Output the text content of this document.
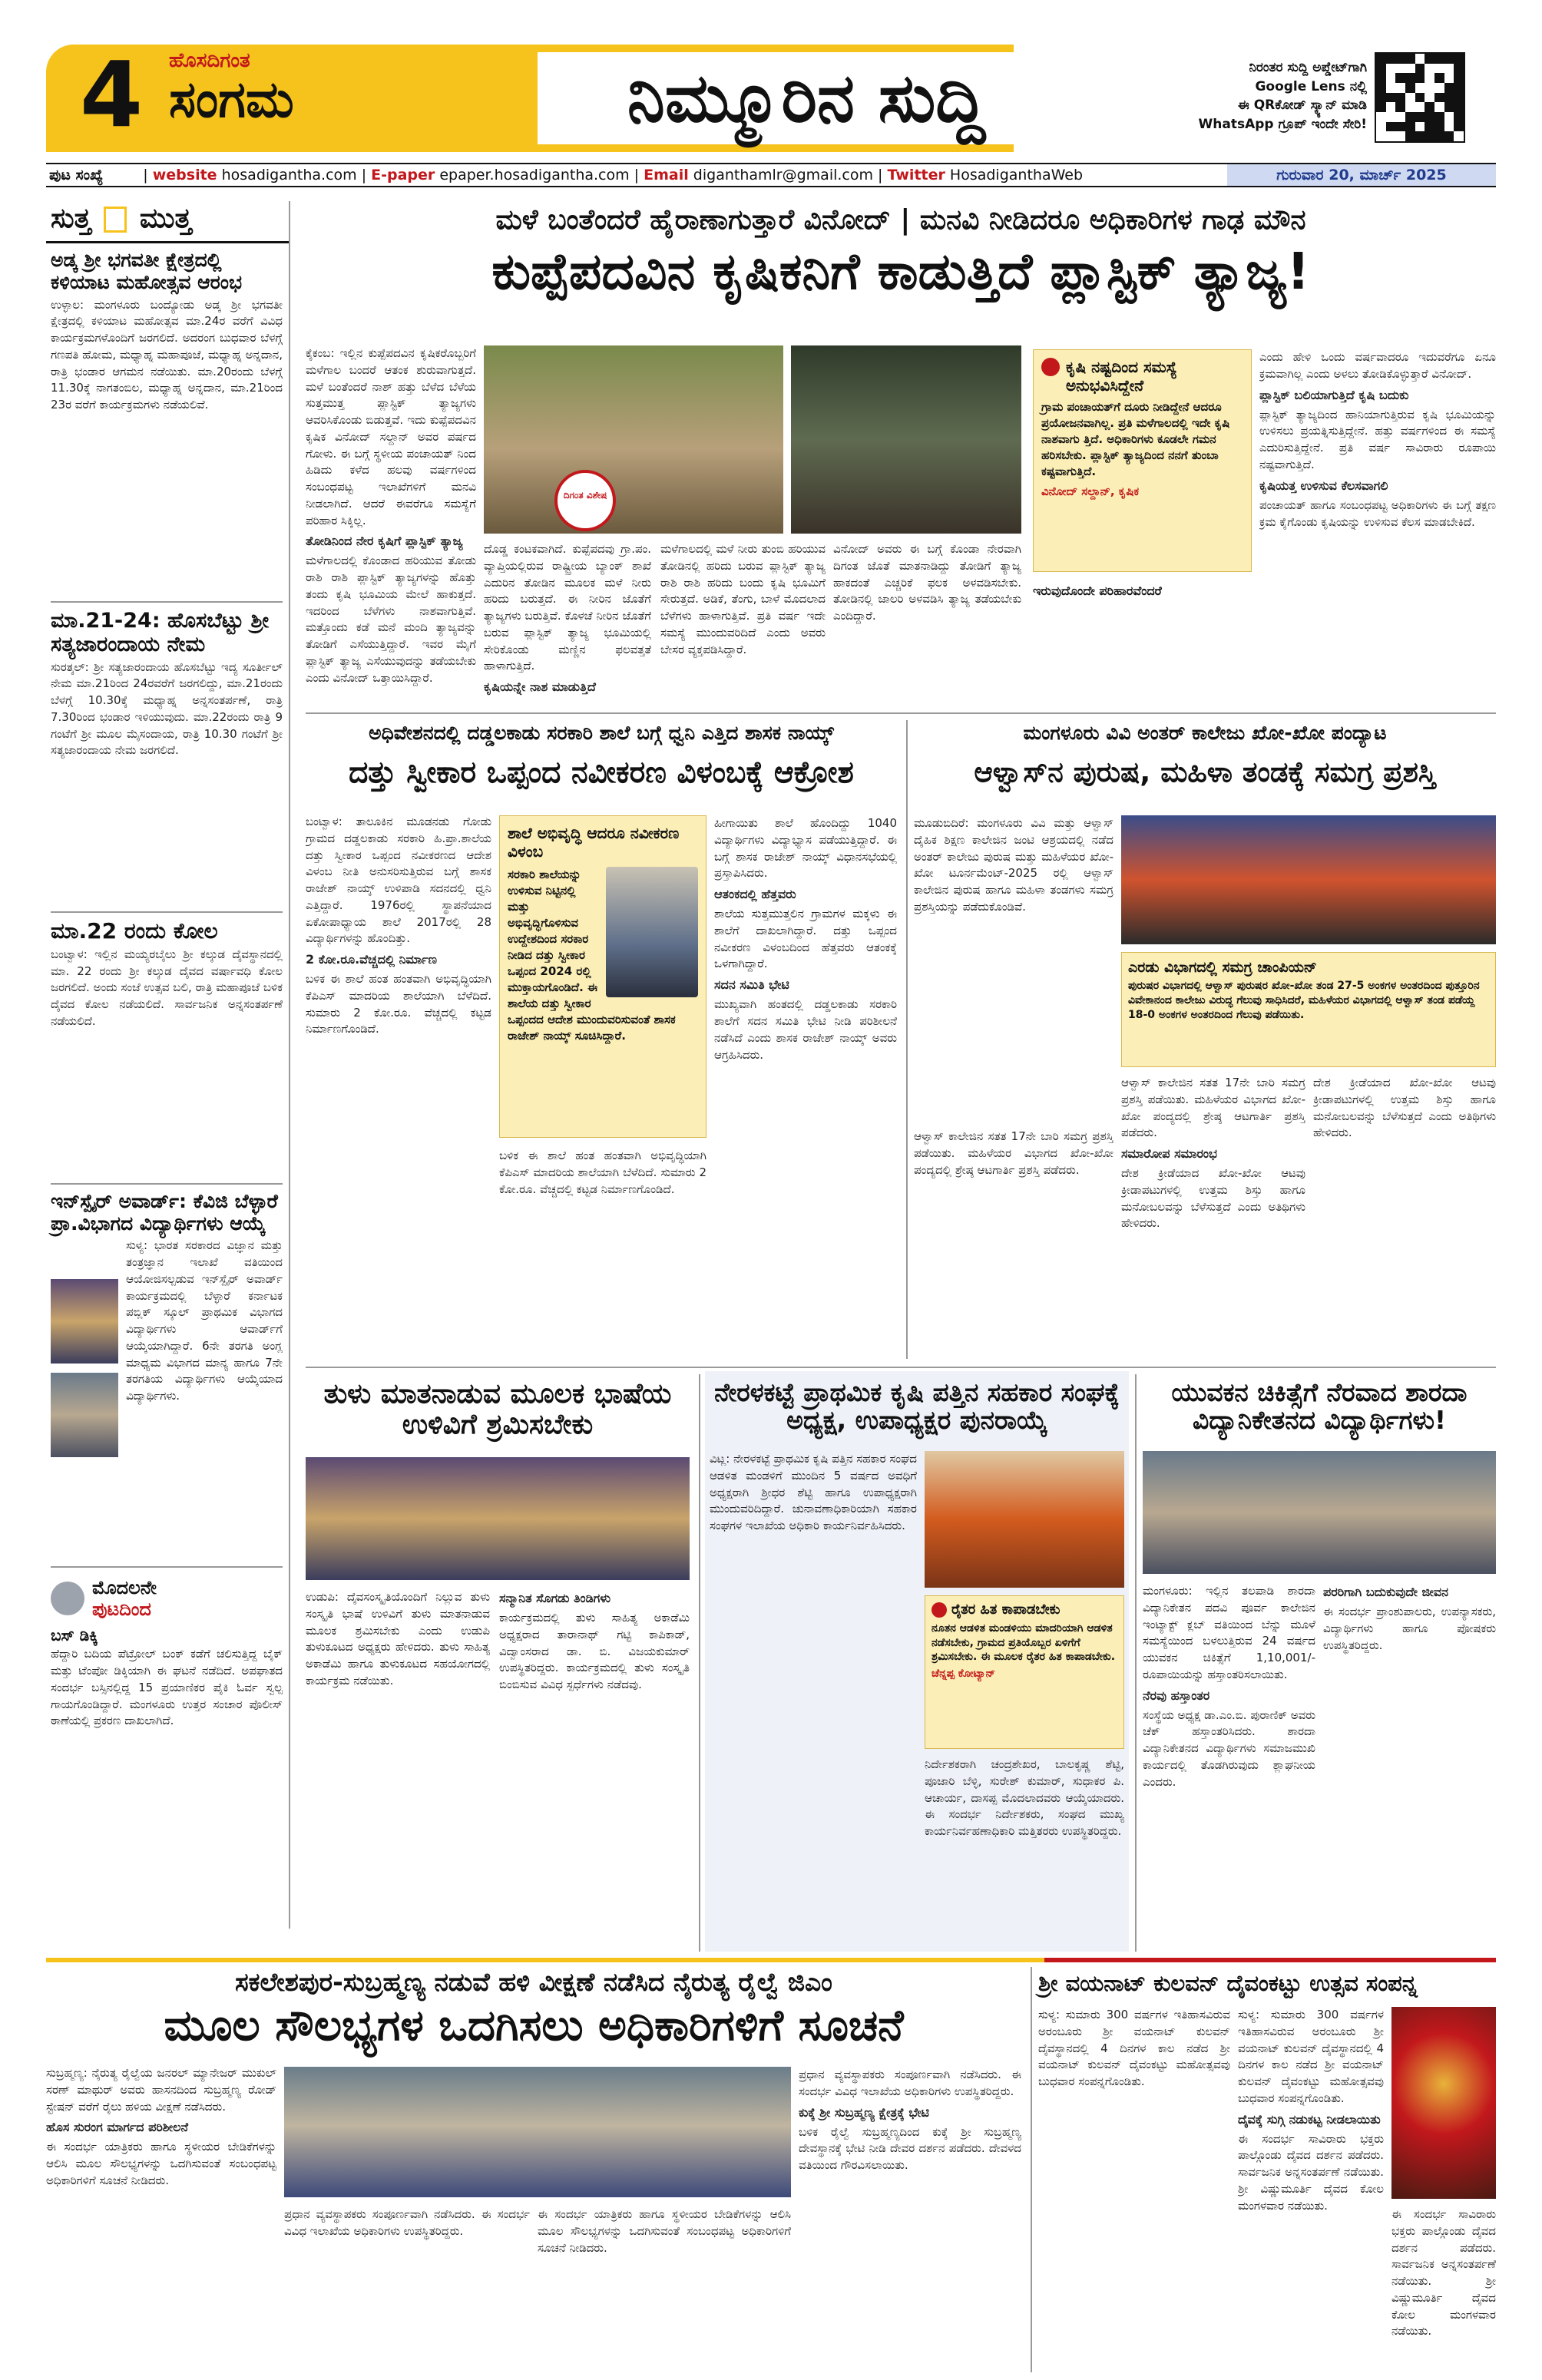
4 ಹೊಸದಿಗಂತ
ಸಂಗಮ	ನಿಮ್ಮೂರಿನ ಸುದ್ದಿ	ನಿರಂತರ ಸುದ್ದಿ ಅಪ್ಡೇಟ್‌ಗಾಗಿ
Google Lens ನಲ್ಲಿ
ಈ QRಕೋಡ್ ಸ್ಕ್ಯಾನ್ ಮಾಡಿ
WhatsApp ಗ್ರೂಪ್ ಇಂದೇ ಸೇರಿ!
ಪುಟ ಸಂಖ್ಯೆ	| website hosadigantha.com | E-paper epaper.hosadigantha.com | Email diganthamlr@gmail.com | Twitter HosadiganthaWeb	ಗುರುವಾರ 20, ಮಾರ್ಚ್ 2025
ಸುತ್ತ ಮುತ್ತ
ಅಡ್ಕ ಶ್ರೀ ಭಗವತೀ ಕ್ಷೇತ್ರದಲ್ಲಿ ಕಳಿಯಾಟ ಮಹೋತ್ಸವ ಆರಂಭ
ಉಳ್ಳಾಲ: ಮಂಗಳೂರು ಬಂದ್ಯೋಡು ಅಡ್ಕ ಶ್ರೀ ಭಗವತೀ ಕ್ಷೇತ್ರದಲ್ಲಿ ಕಳಿಯಾಟ ಮಹೋತ್ಸವ ಮಾ.24ರ ವರೆಗೆ ವಿವಿಧ ಕಾರ್ಯಕ್ರಮಗಳೊಂದಿಗೆ ಜರಗಲಿದೆ. ಅದರಂಗ ಬುಧವಾರ ಬೆಳಗ್ಗೆ ಗಣಪತಿ ಹೋಮ, ಮಧ್ಯಾಹ್ನ ಮಹಾಪೂಜೆ, ಮಧ್ಯಾಹ್ನ ಅನ್ನದಾನ, ರಾತ್ರಿ ಭಂಡಾರ ಆಗಮನ ನಡೆಯಿತು. ಮಾ.20ರಂದು ಬೆಳಗ್ಗೆ 11.30ಕ್ಕೆ ನಾಗತಂಬಿಲ, ಮಧ್ಯಾಹ್ನ ಅನ್ನದಾನ, ಮಾ.21ರಿಂದ 23ರ ವರೆಗೆ ಕಾರ್ಯಕ್ರಮಗಳು ನಡೆಯಲಿವೆ.
ಮಾ.21-24: ಹೊಸಬೆಟ್ಟು ಶ್ರೀ ಸತ್ಯಜಾರಂದಾಯ ನೇಮ
ಸುರತ್ಕಲ್: ಶ್ರೀ ಸತ್ಯಜಾರಂದಾಯ ಹೊಸಬೆಟ್ಟು ಇದ್ಯ ಸೂರ್ತೀಲ್ ನೇಮ ಮಾ.21ರಿಂದ 24ರವರೆಗೆ ಜರಗಲಿದ್ದು, ಮಾ.21ರಂದು ಬೆಳಗ್ಗೆ 10.30ಕ್ಕೆ ಮಧ್ಯಾಹ್ನ ಅನ್ನಸಂತರ್ಪಣೆ, ರಾತ್ರಿ 7.30ರಿಂದ ಭಂಡಾರ ಇಳಿಯುವುದು. ಮಾ.22ರಂದು ರಾತ್ರಿ 9 ಗಂಟೆಗೆ ಶ್ರೀ ಮೂಲ ಮೈಸಂದಾಯ, ರಾತ್ರಿ 10.30 ಗಂಟೆಗೆ ಶ್ರೀ ಸತ್ಯಜಾರಂದಾಯ ನೇಮ ಜರಗಲಿದೆ.
ಮಾ.22 ರಂದು ಕೋಲ
ಬಂಟ್ವಾಳ: ಇಲ್ಲಿನ ಮಯ್ಯರಬೈಲು ಶ್ರೀ ಕಲ್ಕುಡ ದೈವಸ್ಥಾನದಲ್ಲಿ ಮಾ. 22 ರಂದು ಶ್ರೀ ಕಲ್ಕುಡ ದೈವದ ವರ್ಷಾವಧಿ ಕೋಲ ಜರಗಲಿದೆ. ಅಂದು ಸಂಜೆ ಉತ್ಸವ ಬಲಿ, ರಾತ್ರಿ ಮಹಾಪೂಜೆ ಬಳಿಕ ದೈವದ ಕೋಲ ನಡೆಯಲಿದೆ. ಸಾರ್ವಜನಿಕ ಅನ್ನಸಂತರ್ಪಣೆ ನಡೆಯಲಿದೆ.
ಇನ್‌ಸ್ಪೈರ್ ಅವಾರ್ಡ್: ಕೆವಿಜಿ ಬೆಳ್ಳಾರೆ ಪ್ರಾ.ವಿಭಾಗದ ವಿದ್ಯಾರ್ಥಿಗಳು ಆಯ್ಕೆ
ಸುಳ್ಯ: ಭಾರತ ಸರಕಾರದ ವಿಜ್ಞಾನ ಮತ್ತು ತಂತ್ರಜ್ಞಾನ ಇಲಾಖೆ ವತಿಯಿಂದ ಆಯೋಜಿಸಲ್ಪಡುವ ಇನ್‌ಸ್ಪೈರ್ ಅವಾರ್ಡ್ ಕಾರ್ಯಕ್ರಮದಲ್ಲಿ ಬೆಳ್ಳಾರೆ ಕರ್ನಾಟಕ ಪಬ್ಲಿಕ್ ಸ್ಕೂಲ್ ಪ್ರಾಥಮಿಕ ವಿಭಾಗದ ವಿದ್ಯಾರ್ಥಿಗಳು ಆವಾರ್ಡ್‌ಗೆ ಆಯ್ಕೆಯಾಗಿದ್ದಾರೆ. 6ನೇ ತರಗತಿ ಅಂಗ್ಲ ಮಾಧ್ಯಮ ವಿಭಾಗದ ಮಾನ್ಯ ಹಾಗೂ 7ನೇ ತರಗತಿಯ ವಿದ್ಯಾರ್ಥಿಗಳು ಆಯ್ಕೆಯಾದ ವಿದ್ಯಾರ್ಥಿಗಳು.
ಮೊದಲನೇ
ಪುಟದಿಂದ
ಬಸ್ ಡಿಕ್ಕಿ
ಹೆದ್ದಾರಿ ಬದಿಯ ಪೆಟ್ರೋಲ್ ಬಂಕ್ ಕಡೆಗೆ ಚಲಿಸುತ್ತಿದ್ದ ಬೈಕ್ ಮತ್ತು ಟೆಂಪೋ ಡಿಕ್ಕಿಯಾಗಿ ಈ ಘಟನೆ ನಡೆದಿದೆ. ಅಪಘಾತದ ಸಂದರ್ಭ ಬಸ್ಸಿನಲ್ಲಿದ್ದ 15 ಪ್ರಯಾಣಿಕರ ಪೈಕಿ ಓರ್ವ ಸ್ವಲ್ಪ ಗಾಯಗೊಂಡಿದ್ದಾರೆ. ಮಂಗಳೂರು ಉತ್ತರ ಸಂಚಾರ ಪೊಲೀಸ್ ಠಾಣೆಯಲ್ಲಿ ಪ್ರಕರಣ ದಾಖಲಾಗಿದೆ.
ಮಳೆ ಬಂತೆಂದರೆ ಹೈರಾಣಾಗುತ್ತಾರೆ ವಿನೋದ್ | ಮನವಿ ನೀಡಿದರೂ ಅಧಿಕಾರಿಗಳ ಗಾಢ ಮೌನ
ಕುಪ್ಪೆಪದವಿನ ಕೃಷಿಕನಿಗೆ ಕಾಡುತ್ತಿದೆ ಪ್ಲಾಸ್ಟಿಕ್ ತ್ಯಾಜ್ಯ!
ಕೈಕಂಬ: ಇಲ್ಲಿನ ಕುಪ್ಪೆಪದವಿನ ಕೃಷಿಕರೊಬ್ಬರಿಗೆ ಮಳೆಗಾಲ ಬಂದರೆ ಆತಂಕ ಶುರುವಾಗುತ್ತದೆ. ಮಳೆ ಬಂತೆಂದರೆ ನಾಶ್ ಹತ್ತು ಬೆಳೆದ ಬೆಳೆಯ ಸುತ್ತಮುತ್ತ ಪ್ಲಾಸ್ಟಿಕ್ ತ್ಯಾಜ್ಯಗಳು ಆವರಿಸಿಕೊಂಡು ಬಿಡುತ್ತವೆ. ಇದು ಕುಪ್ಪೆಪದವಿನ ಕೃಷಿಕ ವಿನೋದ್ ಸಲ್ದಾನ್ ಅವರ ಪರ್ಷದ ಗೋಳು. ಈ ಬಗ್ಗೆ ಸ್ಥಳೀಯ ಪಂಚಾಯತ್ ನಿಂದ ಹಿಡಿದು ಕಳೆದ ಹಲವು ವರ್ಷಗಳಿಂದ ಸಂಬಂಧಪಟ್ಟ ಇಲಾಖೆಗಳಿಗೆ ಮನವಿ ನೀಡಲಾಗಿದೆ. ಆದರೆ ಈವರೆಗೂ ಸಮಸ್ಯೆಗೆ ಪರಿಹಾರ ಸಿಕ್ಕಿಲ್ಲ.
ತೋಡಿನಿಂದ ನೇರ ಕೃಷಿಗೆ ಪ್ಲಾಸ್ಟಿಕ್ ತ್ಯಾಜ್ಯ
ಮಳೆಗಾಲದಲ್ಲಿ ಕೊಂಡಾದ ಹರಿಯುವ ತೋಡು ರಾಶಿ ರಾಶಿ ಪ್ಲಾಸ್ಟಿಕ್ ತ್ಯಾಜ್ಯಗಳನ್ನು ಹೊತ್ತು ತಂದು ಕೃಷಿ ಭೂಮಿಯ ಮೇಲೆ ಹಾಕುತ್ತದೆ. ಇದರಿಂದ ಬೆಳೆಗಳು ನಾಶವಾಗುತ್ತಿವೆ. ಮತ್ತೊಂದು ಕಡೆ ಮನೆ ಮಂದಿ ತ್ಯಾಜ್ಯವನ್ನು ತೋಡಿಗೆ ಎಸೆಯುತ್ತಿದ್ದಾರೆ. ಇವರ ಮೈಗೆ ಪ್ಲಾಸ್ಟಿಕ್ ತ್ಯಾಜ್ಯ ಎಸೆಯುವುದನ್ನು ತಡೆಯಬೇಕು ಎಂದು ವಿನೋದ್ ಒತ್ತಾಯಿಸಿದ್ದಾರೆ.
ದಿಗಂತ ವಿಶೇಷ
ದೊಡ್ಡ ಕಂಟಕವಾಗಿದೆ. ಕುಪ್ಪೆಪದವು ಗ್ರಾ.ಪಂ. ವ್ಯಾಪ್ತಿಯಲ್ಲಿರುವ ರಾಷ್ಟ್ರೀಯ ಬ್ಯಾಂಕ್ ಶಾಖೆ ಎದುರಿನ ತೋಡಿನ ಮೂಲಕ ಮಳೆ ನೀರು ಹರಿದು ಬರುತ್ತದೆ. ಈ ನೀರಿನ ಜೊತೆಗೆ ತ್ಯಾಜ್ಯಗಳು ಬರುತ್ತಿವೆ. ಕೊಳಚೆ ನೀರಿನ ಜೊತೆಗೆ ಬರುವ ಪ್ಲಾಸ್ಟಿಕ್ ತ್ಯಾಜ್ಯ ಭೂಮಿಯಲ್ಲಿ ಸೇರಿಕೊಂಡು ಮಣ್ಣಿನ ಫಲವತ್ತತೆ ಹಾಳಾಗುತ್ತಿದೆ.
ಕೃಷಿಯನ್ನೇ ನಾಶ ಮಾಡುತ್ತಿದೆ
ಮಳೆಗಾಲದಲ್ಲಿ ಮಳೆ ನೀರು ತುಂಬಿ ಹರಿಯುವ ತೋಡಿನಲ್ಲಿ ಹರಿದು ಬರುವ ಪ್ಲಾಸ್ಟಿಕ್ ತ್ಯಾಜ್ಯ ರಾಶಿ ರಾಶಿ ಹರಿದು ಬಂದು ಕೃಷಿ ಭೂಮಿಗೆ ಸೇರುತ್ತದೆ. ಅಡಿಕೆ, ತೆಂಗು, ಬಾಳೆ ಮೊದಲಾದ ಬೆಳೆಗಳು ಹಾಳಾಗುತ್ತಿವೆ. ಪ್ರತಿ ವರ್ಷ ಇದೇ ಸಮಸ್ಯೆ ಮುಂದುವರಿದಿದೆ ಎಂದು ಅವರು ಬೇಸರ ವ್ಯಕ್ತಪಡಿಸಿದ್ದಾರೆ.
ವಿನೋದ್ ಅವರು ಈ ಬಗ್ಗೆ ಕೊಂಡಾ ನೇರವಾಗಿ ದಿಗಂತ ಜೊತೆ ಮಾತನಾಡಿದ್ದು ತೋಡಿಗೆ ತ್ಯಾಜ್ಯ ಹಾಕದಂತೆ ಎಚ್ಚರಿಕೆ ಫಲಕ ಅಳವಡಿಸಬೇಕು. ತೋಡಿನಲ್ಲಿ ಜಾಲರಿ ಅಳವಡಿಸಿ ತ್ಯಾಜ್ಯ ತಡೆಯಬೇಕು ಎಂದಿದ್ದಾರೆ.
ಕೃಷಿ ನಷ್ಟದಿಂದ ಸಮಸ್ಯೆ ಅನುಭವಿಸಿದ್ದೇನೆ
ಗ್ರಾಮ ಪಂಚಾಯತ್‌ಗೆ ದೂರು ನೀಡಿದ್ದೇನೆ ಆದರೂ ಪ್ರಯೋಜನವಾಗಿಲ್ಲ. ಪ್ರತಿ ಮಳೆಗಾಲದಲ್ಲಿ ಇದೇ ಕೃಷಿ ನಾಶವಾಗು ತ್ತಿದೆ. ಅಧಿಕಾರಿಗಳು ಕೂಡಲೇ ಗಮನ ಹರಿಸಬೇಕು. ಪ್ಲಾಸ್ಟಿಕ್ ತ್ಯಾಜ್ಯದಿಂದ ನನಗೆ ತುಂಬಾ ಕಷ್ಟವಾಗುತ್ತಿದೆ.
ವಿನೋದ್ ಸಲ್ದಾನ್, ಕೃಷಿಕ
ಇರುವುದೊಂದೇ ಪರಿಹಾರವೆಂದರೆ
ಎಂದು ಹೇಳಿ ಒಂದು ವರ್ಷವಾದರೂ ಇದುವರೆಗೂ ಏನೂ ಕ್ರಮವಾಗಿಲ್ಲ ಎಂದು ಅಳಲು ತೋಡಿಕೊಳ್ಳುತ್ತಾರೆ ವಿನೋದ್.
ಪ್ಲಾಸ್ಟಿಕ್ ಬಲಿಯಾಗುತ್ತಿದೆ ಕೃಷಿ ಬದುಕು
ಪ್ಲಾಸ್ಟಿಕ್ ತ್ಯಾಜ್ಯದಿಂದ ಹಾನಿಯಾಗುತ್ತಿರುವ ಕೃಷಿ ಭೂಮಿಯನ್ನು ಉಳಿಸಲು ಪ್ರಯತ್ನಿಸುತ್ತಿದ್ದೇನೆ. ಹತ್ತು ವರ್ಷಗಳಿಂದ ಈ ಸಮಸ್ಯೆ ಎದುರಿಸುತ್ತಿದ್ದೇನೆ. ಪ್ರತಿ ವರ್ಷ ಸಾವಿರಾರು ರೂಪಾಯಿ ನಷ್ಟವಾಗುತ್ತಿದೆ.
ಕೃಷಿಯತ್ತ ಉಳಿಸುವ ಕೆಲಸವಾಗಲಿ
ಪಂಚಾಯತ್ ಹಾಗೂ ಸಂಬಂಧಪಟ್ಟ ಅಧಿಕಾರಿಗಳು ಈ ಬಗ್ಗೆ ತಕ್ಷಣ ಕ್ರಮ ಕೈಗೊಂಡು ಕೃಷಿಯನ್ನು ಉಳಿಸುವ ಕೆಲಸ ಮಾಡಬೇಕಿದೆ.
ಅಧಿವೇಶನದಲ್ಲಿ ದಡ್ಡಲಕಾಡು ಸರಕಾರಿ ಶಾಲೆ ಬಗ್ಗೆ ಧ್ವನಿ ಎತ್ತಿದ ಶಾಸಕ ನಾಯ್ಕ್
ದತ್ತು ಸ್ವೀಕಾರ ಒಪ್ಪಂದ ನವೀಕರಣ ವಿಳಂಬಕ್ಕೆ ಆಕ್ರೋಶ
ಬಂಟ್ವಾಳ: ತಾಲೂಕಿನ ಮೂಡನಡು ಗೋಡು ಗ್ರಾಮದ ದಡ್ಡಲಕಾಡು ಸರಕಾರಿ ಹಿ.ಪ್ರಾ.ಶಾಲೆಯ ದತ್ತು ಸ್ವೀಕಾರ ಒಪ್ಪಂದ ನವೀಕರಣದ ಆದೇಶ ವಿಳಂಬ ನೀತಿ ಅನುಸರಿಸುತ್ತಿರುವ ಬಗ್ಗೆ ಶಾಸಕ ರಾಜೇಶ್ ನಾಯ್ಕ್ ಉಳಿಪಾಡಿ ಸದನದಲ್ಲಿ ಧ್ವನಿ ಎತ್ತಿದ್ದಾರೆ. 1976ರಲ್ಲಿ ಸ್ಥಾಪನೆಯಾದ ಏಕೋಪಾಧ್ಯಾಯ ಶಾಲೆ 2017ರಲ್ಲಿ 28 ವಿದ್ಯಾರ್ಥಿಗಳನ್ನು ಹೊಂದಿತ್ತು.
2 ಕೋ.ರೂ.ವೆಚ್ಚದಲ್ಲಿ ನಿರ್ಮಾಣ
ಬಳಿಕ ಈ ಶಾಲೆ ಹಂತ ಹಂತವಾಗಿ ಅಭಿವೃದ್ಧಿಯಾಗಿ ಕೆಪಿಎಸ್ ಮಾದರಿಯ ಶಾಲೆಯಾಗಿ ಬೆಳೆದಿದೆ. ಸುಮಾರು 2 ಕೋ.ರೂ. ವೆಚ್ಚದಲ್ಲಿ ಕಟ್ಟಡ ನಿರ್ಮಾಣಗೊಂಡಿದೆ.
ಶಾಲೆ ಅಭಿವೃದ್ಧಿ ಆದರೂ ನವೀಕರಣ ವಿಳಂಬ
ಸರಕಾರಿ ಶಾಲೆಯನ್ನು ಉಳಿಸುವ ನಿಟ್ಟಿನಲ್ಲಿ ಮತ್ತು ಅಭಿವೃದ್ಧಿಗೊಳಿಸುವ ಉದ್ದೇಶದಿಂದ ಸರಕಾರ ನೀಡಿದ ದತ್ತು ಸ್ವೀಕಾರ ಒಪ್ಪಂದ 2024 ರಲ್ಲಿ ಮುಕ್ತಾಯಗೊಂಡಿದೆ. ಈ ಶಾಲೆಯ ದತ್ತು ಸ್ವೀಕಾರ ಒಪ್ಪಂದದ ಆದೇಶ ಮುಂದುವರಿಸುವಂತೆ ಶಾಸಕ ರಾಜೇಶ್ ನಾಯ್ಕ್ ಸೂಚಿಸಿದ್ದಾರೆ.
ಬಳಿಕ ಈ ಶಾಲೆ ಹಂತ ಹಂತವಾಗಿ ಅಭಿವೃದ್ಧಿಯಾಗಿ ಕೆಪಿಎಸ್ ಮಾದರಿಯ ಶಾಲೆಯಾಗಿ ಬೆಳೆದಿದೆ. ಸುಮಾರು 2 ಕೋ.ರೂ. ವೆಚ್ಚದಲ್ಲಿ ಕಟ್ಟಡ ನಿರ್ಮಾಣಗೊಂಡಿದೆ.
ಹೀಗಾಯಿತು ಶಾಲೆ ಹೊಂದಿದ್ದು 1040 ವಿದ್ಯಾರ್ಥಿಗಳು ವಿದ್ಯಾಭ್ಯಾಸ ಪಡೆಯುತ್ತಿದ್ದಾರೆ. ಈ ಬಗ್ಗೆ ಶಾಸಕ ರಾಜೇಶ್ ನಾಯ್ಕ್ ವಿಧಾನಸಭೆಯಲ್ಲಿ ಪ್ರಸ್ತಾಪಿಸಿದರು.
ಆತಂಕದಲ್ಲಿ ಹೆತ್ತವರು
ಶಾಲೆಯ ಸುತ್ತಮುತ್ತಲಿನ ಗ್ರಾಮಗಳ ಮಕ್ಕಳು ಈ ಶಾಲೆಗೆ ದಾಖಲಾಗಿದ್ದಾರೆ. ದತ್ತು ಒಪ್ಪಂದ ನವೀಕರಣ ವಿಳಂಬದಿಂದ ಹೆತ್ತವರು ಆತಂಕಕ್ಕೆ ಒಳಗಾಗಿದ್ದಾರೆ.
ಸದನ ಸಮಿತಿ ಭೇಟಿ
ಮುಖ್ಯವಾಗಿ ಹಂತದಲ್ಲಿ ದಡ್ಡಲಕಾಡು ಸರಕಾರಿ ಶಾಲೆಗೆ ಸದನ ಸಮಿತಿ ಭೇಟಿ ನೀಡಿ ಪರಿಶೀಲನೆ ನಡೆಸಿದೆ ಎಂದು ಶಾಸಕ ರಾಜೇಶ್ ನಾಯ್ಕ್ ಅವರು ಆಗ್ರಹಿಸಿದರು.
ಮಂಗಳೂರು ವಿವಿ ಅಂತರ್ ಕಾಲೇಜು ಖೋ-ಖೋ ಪಂದ್ಯಾಟ
ಆಳ್ವಾಸ್‌ನ ಪುರುಷ, ಮಹಿಳಾ ತಂಡಕ್ಕೆ ಸಮಗ್ರ ಪ್ರಶಸ್ತಿ
ಮೂಡುಬಿದಿರೆ: ಮಂಗಳೂರು ವಿವಿ ಮತ್ತು ಆಳ್ವಾಸ್ ದೈಹಿಕ ಶಿಕ್ಷಣ ಕಾಲೇಜಿನ ಜಂಟಿ ಆಶ್ರಯದಲ್ಲಿ ನಡೆದ ಅಂತರ್ ಕಾಲೇಜು ಪುರುಷ ಮತ್ತು ಮಹಿಳೆಯರ ಖೋ-ಖೋ ಟೂರ್ನಮೆಂಟ್-2025 ರಲ್ಲಿ ಆಳ್ವಾಸ್ ಕಾಲೇಜಿನ ಪುರುಷ ಹಾಗೂ ಮಹಿಳಾ ತಂಡಗಳು ಸಮಗ್ರ ಪ್ರಶಸ್ತಿಯನ್ನು ಪಡೆದುಕೊಂಡಿವೆ.
ಎರಡು ವಿಭಾಗದಲ್ಲಿ ಸಮಗ್ರ ಚಾಂಪಿಯನ್
ಪುರುಷರ ವಿಭಾಗದಲ್ಲಿ ಆಳ್ವಾಸ್ ಪುರುಷರ ಖೋ-ಖೋ ತಂಡ 27-5 ಅಂಕಗಳ ಅಂತರದಿಂದ ಪುತ್ತೂರಿನ ವಿವೇಕಾನಂದ ಕಾಲೇಜು ವಿರುದ್ಧ ಗೆಲುವು ಸಾಧಿಸಿದರೆ, ಮಹಿಳೆಯರ ವಿಭಾಗದಲ್ಲಿ ಆಳ್ವಾಸ್ ತಂಡ ಪಡೆಯ್ದ 18-0 ಅಂಕಗಳ ಅಂತರದಿಂದ ಗೆಲುವು ಪಡೆಯಿತು.
ಆಳ್ವಾಸ್ ಕಾಲೇಜಿನ ಸತತ 17ನೇ ಬಾರಿ ಸಮಗ್ರ ಪ್ರಶಸ್ತಿ ಪಡೆಯಿತು. ಮಹಿಳೆಯರ ವಿಭಾಗದ ಖೋ-ಖೋ ಪಂದ್ಯದಲ್ಲಿ ಶ್ರೇಷ್ಠ ಆಟಗಾರ್ತಿ ಪ್ರಶಸ್ತಿ ಪಡೆದರು.
ಆಳ್ವಾಸ್ ಕಾಲೇಜಿನ ಸತತ 17ನೇ ಬಾರಿ ಸಮಗ್ರ ಪ್ರಶಸ್ತಿ ಪಡೆಯಿತು. ಮಹಿಳೆಯರ ವಿಭಾಗದ ಖೋ-ಖೋ ಪಂದ್ಯದಲ್ಲಿ ಶ್ರೇಷ್ಠ ಆಟಗಾರ್ತಿ ಪ್ರಶಸ್ತಿ ಪಡೆದರು.
ಸಮಾರೋಪ ಸಮಾರಂಭ
ದೇಶ ಕ್ರೀಡೆಯಾದ ಖೋ-ಖೋ ಆಟವು ಕ್ರೀಡಾಪಟುಗಳಲ್ಲಿ ಉತ್ತಮ ಶಿಸ್ತು ಹಾಗೂ ಮನೋಬಲವನ್ನು ಬೆಳೆಸುತ್ತದೆ ಎಂದು ಅತಿಥಿಗಳು ಹೇಳಿದರು.
ದೇಶ ಕ್ರೀಡೆಯಾದ ಖೋ-ಖೋ ಆಟವು ಕ್ರೀಡಾಪಟುಗಳಲ್ಲಿ ಉತ್ತಮ ಶಿಸ್ತು ಹಾಗೂ ಮನೋಬಲವನ್ನು ಬೆಳೆಸುತ್ತದೆ ಎಂದು ಅತಿಥಿಗಳು ಹೇಳಿದರು.
ತುಳು ಮಾತನಾಡುವ ಮೂಲಕ ಭಾಷೆಯ ಉಳಿವಿಗೆ ಶ್ರಮಿಸಬೇಕು
ಉಡುಪಿ: ದೈವಸಂಸ್ಕೃತಿಯೊಂದಿಗೆ ನಿಲ್ಲುವ ತುಳು ಸಂಸ್ಕೃತಿ ಭಾಷೆ ಉಳಿವಿಗೆ ತುಳು ಮಾತನಾಡುವ ಮೂಲಕ ಶ್ರಮಿಸಬೇಕು ಎಂದು ಉಡುಪಿ ತುಳುಕೂಟದ ಅಧ್ಯಕ್ಷರು ಹೇಳಿದರು. ತುಳು ಸಾಹಿತ್ಯ ಅಕಾಡೆಮಿ ಹಾಗೂ ತುಳುಕೂಟದ ಸಹಯೋಗದಲ್ಲಿ ಕಾರ್ಯಕ್ರಮ ನಡೆಯಿತು.
ಸನ್ಮಾನಿತ ಸೊಗಡು ತಿಂಡಿಗಳು
ಕಾರ್ಯಕ್ರಮದಲ್ಲಿ ತುಳು ಸಾಹಿತ್ಯ ಅಕಾಡೆಮಿ ಅಧ್ಯಕ್ಷರಾದ ತಾರಾನಾಥ್ ಗಟ್ಟಿ ಕಾಪಿಕಾಡ್, ವಿದ್ವಾಂಸರಾದ ಡಾ. ಬಿ. ವಿಜಯಕುಮಾರ್ ಉಪಸ್ಥಿತರಿದ್ದರು. ಕಾರ್ಯಕ್ರಮದಲ್ಲಿ ತುಳು ಸಂಸ್ಕೃತಿ ಬಿಂಬಿಸುವ ವಿವಿಧ ಸ್ಪರ್ಧೆಗಳು ನಡೆದವು.
ನೇರಳಕಟ್ಟೆ ಪ್ರಾಥಮಿಕ ಕೃಷಿ ಪತ್ತಿನ ಸಹಕಾರ ಸಂಘಕ್ಕೆ ಅಧ್ಯಕ್ಷ, ಉಪಾಧ್ಯಕ್ಷರ ಪುನರಾಯ್ಕೆ
ವಿಟ್ಲ: ನೇರಳಕಟ್ಟೆ ಪ್ರಾಥಮಿಕ ಕೃಷಿ ಪತ್ತಿನ ಸಹಕಾರ ಸಂಘದ ಆಡಳಿತ ಮಂಡಳಿಗೆ ಮುಂದಿನ 5 ವರ್ಷದ ಅವಧಿಗೆ ಅಧ್ಯಕ್ಷರಾಗಿ ಶ್ರೀಧರ ಶೆಟ್ಟಿ ಹಾಗೂ ಉಪಾಧ್ಯಕ್ಷರಾಗಿ ಮುಂದುವರಿದಿದ್ದಾರೆ. ಚುನಾವಣಾಧಿಕಾರಿಯಾಗಿ ಸಹಕಾರ ಸಂಘಗಳ ಇಲಾಖೆಯ ಅಧಿಕಾರಿ ಕಾರ್ಯನಿರ್ವಹಿಸಿದರು.
ರೈತರ ಹಿತ ಕಾಪಾಡಬೇಕು
ನೂತನ ಆಡಳಿತ ಮಂಡಳಿಯು ಮಾದರಿಯಾಗಿ ಆಡಳಿತ ನಡೆಸಬೇಕು, ಗ್ರಾಮದ ಪ್ರತಿಯೊಬ್ಬರ ಏಳಿಗೆಗೆ ಶ್ರಮಿಸಬೇಕು. ಈ ಮೂಲಕ ರೈತರ ಹಿತ ಕಾಪಾಡಬೇಕು.
ಚೆನ್ನಪ್ಪ ಕೋಟ್ಯಾನ್
ನಿರ್ದೇಶಕರಾಗಿ ಚಂದ್ರಶೇಖರ, ಬಾಲಕೃಷ್ಣ ಶೆಟ್ಟಿ, ಪೂಜಾರಿ ಬೆಳ್ಳಿ, ಸುರೇಶ್ ಕುಮಾರ್, ಸುಧಾಕರ ಪಿ. ಆಚಾರ್ಯ, ದಾಸಪ್ಪ ಮೊದಲಾದವರು ಆಯ್ಕೆಯಾದರು. ಈ ಸಂದರ್ಭ ನಿರ್ದೇಶಕರು, ಸಂಘದ ಮುಖ್ಯ ಕಾರ್ಯನಿರ್ವಹಣಾಧಿಕಾರಿ ಮತ್ತಿತರರು ಉಪಸ್ಥಿತರಿದ್ದರು.
ಯುವಕನ ಚಿಕಿತ್ಸೆಗೆ ನೆರವಾದ ಶಾರದಾ ವಿದ್ಯಾನಿಕೇತನದ ವಿದ್ಯಾರ್ಥಿಗಳು!
ಮಂಗಳೂರು: ಇಲ್ಲಿನ ತಲಪಾಡಿ ಶಾರದಾ ವಿದ್ಯಾನಿಕೇತನ ಪದವಿ ಪೂರ್ವ ಕಾಲೇಜಿನ ಇಂಟ್ಯಾಕ್ಟ್ ಕ್ಲಬ್ ವತಿಯಿಂದ ಬೆನ್ನು ಮೂಳೆ ಸಮಸ್ಯೆಯಿಂದ ಬಳಲುತ್ತಿರುವ 24 ವರ್ಷದ ಯುವಕನ ಚಿಕಿತ್ಸೆಗೆ 1,10,001/- ರೂಪಾಯಿಯನ್ನು ಹಸ್ತಾಂತರಿಸಲಾಯಿತು.
ನೆರವು ಹಸ್ತಾಂತರ
ಸಂಸ್ಥೆಯ ಅಧ್ಯಕ್ಷ ಡಾ.ಎಂ.ಬಿ. ಪುರಾಣಿಕ್ ಅವರು ಚೆಕ್ ಹಸ್ತಾಂತರಿಸಿದರು. ಶಾರದಾ ವಿದ್ಯಾನಿಕೇತನದ ವಿದ್ಯಾರ್ಥಿಗಳು ಸಮಾಜಮುಖಿ ಕಾರ್ಯದಲ್ಲಿ ತೊಡಗಿರುವುದು ಶ್ಲಾಘನೀಯ ಎಂದರು.
ಪರರಿಗಾಗಿ ಬದುಕುವುದೇ ಜೀವನ
ಈ ಸಂದರ್ಭ ಪ್ರಾಂಶುಪಾಲರು, ಉಪನ್ಯಾಸಕರು, ವಿದ್ಯಾರ್ಥಿಗಳು ಹಾಗೂ ಪೋಷಕರು ಉಪಸ್ಥಿತರಿದ್ದರು.
ಸಕಲೇಶಪುರ-ಸುಬ್ರಹ್ಮಣ್ಯ ನಡುವೆ ಹಳಿ ವೀಕ್ಷಣೆ ನಡೆಸಿದ ನೈರುತ್ಯ ರೈಲ್ವೆ ಜಿಎಂ
ಮೂಲ ಸೌಲಭ್ಯಗಳ ಒದಗಿಸಲು ಅಧಿಕಾರಿಗಳಿಗೆ ಸೂಚನೆ
ಸುಬ್ರಹ್ಮಣ್ಯ: ನೈರುತ್ಯ ರೈಲ್ವೆಯ ಜನರಲ್ ಮ್ಯಾನೇಜರ್ ಮುಕುಲ್ ಸರಣ್ ಮಾಥುರ್ ಅವರು ಹಾಸನದಿಂದ ಸುಬ್ರಹ್ಮಣ್ಯ ರೋಡ್ ಸ್ಟೇಷನ್ ವರೆಗೆ ರೈಲು ಹಳಿಯ ವೀಕ್ಷಣೆ ನಡೆಸಿದರು.
ಹೊಸ ಸುರಂಗ ಮಾರ್ಗದ ಪರಿಶೀಲನೆ
ಈ ಸಂದರ್ಭ ಯಾತ್ರಿಕರು ಹಾಗೂ ಸ್ಥಳೀಯರ ಬೇಡಿಕೆಗಳನ್ನು ಆಲಿಸಿ ಮೂಲ ಸೌಲಭ್ಯಗಳನ್ನು ಒದಗಿಸುವಂತೆ ಸಂಬಂಧಪಟ್ಟ ಅಧಿಕಾರಿಗಳಿಗೆ ಸೂಚನೆ ನೀಡಿದರು.
ಪ್ರಧಾನ ವ್ಯವಸ್ಥಾಪಕರು ಸಂಪೂರ್ಣವಾಗಿ ನಡೆಸಿದರು. ಈ ಸಂದರ್ಭ ವಿವಿಧ ಇಲಾಖೆಯ ಅಧಿಕಾರಿಗಳು ಉಪಸ್ಥಿತರಿದ್ದರು.
ಈ ಸಂದರ್ಭ ಯಾತ್ರಿಕರು ಹಾಗೂ ಸ್ಥಳೀಯರ ಬೇಡಿಕೆಗಳನ್ನು ಆಲಿಸಿ ಮೂಲ ಸೌಲಭ್ಯಗಳನ್ನು ಒದಗಿಸುವಂತೆ ಸಂಬಂಧಪಟ್ಟ ಅಧಿಕಾರಿಗಳಿಗೆ ಸೂಚನೆ ನೀಡಿದರು.
ಪ್ರಧಾನ ವ್ಯವಸ್ಥಾಪಕರು ಸಂಪೂರ್ಣವಾಗಿ ನಡೆಸಿದರು. ಈ ಸಂದರ್ಭ ವಿವಿಧ ಇಲಾಖೆಯ ಅಧಿಕಾರಿಗಳು ಉಪಸ್ಥಿತರಿದ್ದರು.
ಕುಕ್ಕೆ ಶ್ರೀ ಸುಬ್ರಹ್ಮಣ್ಯ ಕ್ಷೇತ್ರಕ್ಕೆ ಭೇಟಿ
ಬಳಿಕ ರೈಲ್ವೆ ಸುಬ್ರಹ್ಮಣ್ಯದಿಂದ ಕುಕ್ಕೆ ಶ್ರೀ ಸುಬ್ರಹ್ಮಣ್ಯ ದೇವಸ್ಥಾನಕ್ಕೆ ಭೇಟಿ ನೀಡಿ ದೇವರ ದರ್ಶನ ಪಡೆದರು. ದೇವಳದ ವತಿಯಿಂದ ಗೌರವಿಸಲಾಯಿತು.
ಶ್ರೀ ವಯನಾಟ್ ಕುಲವನ್ ದೈವಂಕಟ್ಟು ಉತ್ಸವ ಸಂಪನ್ನ
ಸುಳ್ಯ: ಸುಮಾರು 300 ವರ್ಷಗಳ ಇತಿಹಾಸವಿರುವ ಅರಂಬೂರು ಶ್ರೀ ವಯನಾಟ್ ಕುಲವನ್ ದೈವಸ್ಥಾನದಲ್ಲಿ 4 ದಿನಗಳ ಕಾಲ ನಡೆದ ಶ್ರೀ ವಯನಾಟ್ ಕುಲವನ್ ದೈವಂಕಟ್ಟು ಮಹೋತ್ಸವವು ಬುಧವಾರ ಸಂಪನ್ನಗೊಂಡಿತು.
ಸುಳ್ಯ: ಸುಮಾರು 300 ವರ್ಷಗಳ ಇತಿಹಾಸವಿರುವ ಅರಂಬೂರು ಶ್ರೀ ವಯನಾಟ್ ಕುಲವನ್ ದೈವಸ್ಥಾನದಲ್ಲಿ 4 ದಿನಗಳ ಕಾಲ ನಡೆದ ಶ್ರೀ ವಯನಾಟ್ ಕುಲವನ್ ದೈವಂಕಟ್ಟು ಮಹೋತ್ಸವವು ಬುಧವಾರ ಸಂಪನ್ನಗೊಂಡಿತು.
ದೈವಕ್ಕೆ ಸುಗ್ಗಿ ನಡುಕಟ್ಟ ನೀಡಲಾಯಿತು
ಈ ಸಂದರ್ಭ ಸಾವಿರಾರು ಭಕ್ತರು ಪಾಲ್ಗೊಂಡು ದೈವದ ದರ್ಶನ ಪಡೆದರು. ಸಾರ್ವಜನಿಕ ಅನ್ನಸಂತರ್ಪಣೆ ನಡೆಯಿತು. ಶ್ರೀ ವಿಷ್ಣುಮೂರ್ತಿ ದೈವದ ಕೋಲ ಮಂಗಳವಾರ ನಡೆಯಿತು.
ಈ ಸಂದರ್ಭ ಸಾವಿರಾರು ಭಕ್ತರು ಪಾಲ್ಗೊಂಡು ದೈವದ ದರ್ಶನ ಪಡೆದರು. ಸಾರ್ವಜನಿಕ ಅನ್ನಸಂತರ್ಪಣೆ ನಡೆಯಿತು. ಶ್ರೀ ವಿಷ್ಣುಮೂರ್ತಿ ದೈವದ ಕೋಲ ಮಂಗಳವಾರ ನಡೆಯಿತು.
